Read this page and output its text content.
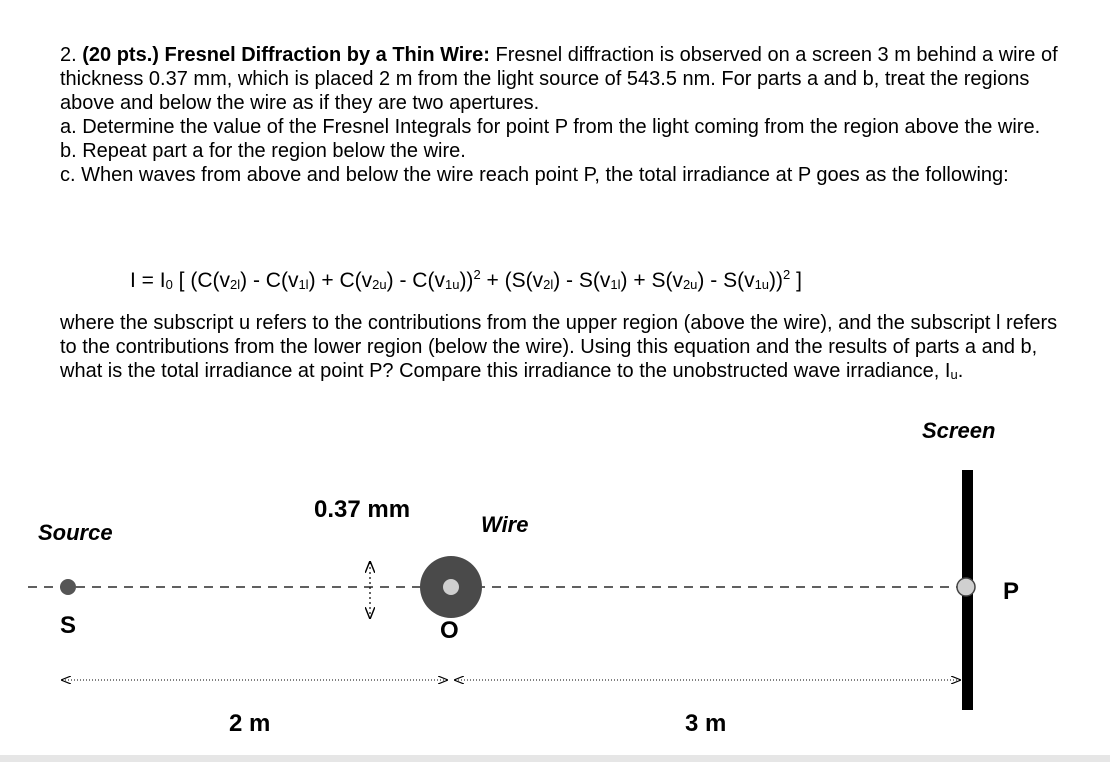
2. (20 pts.) Fresnel Diffraction by a Thin Wire: Fresnel diffraction is observed on a screen 3 m behind a wire of thickness 0.37 mm, which is placed 2 m from the light source of 543.5 nm. For parts a and b, treat the regions above and below the wire as if they are two apertures.

a. Determine the value of the Fresnel Integrals for point P from the light coming from the region above the wire.

b. Repeat part a for the region below the wire.

c. When waves from above and below the wire reach point P, the total irradiance at P goes as the following:

$I = I_0$ [ $(C(v_{2l}) - C(v_{1l}) + C(v_{2u}) - C(v_{1u}))^2 + (S(v_{2l}) - S(v_{1l}) + S(v_{2u}) - S(v_{1u}))^2$ ]

where the subscript u refers to the contributions from the upper region (above the wire), and the subscript l refers to the contributions from the lower region (below the wire). Using this equation and the results of parts a and b, what is the total irradiance at point P? Compare this irradiance to the unobstructed wave irradiance, Iu.

Screen
Source
0.37 mm
Wire
S	O
P
2 m	3 m
